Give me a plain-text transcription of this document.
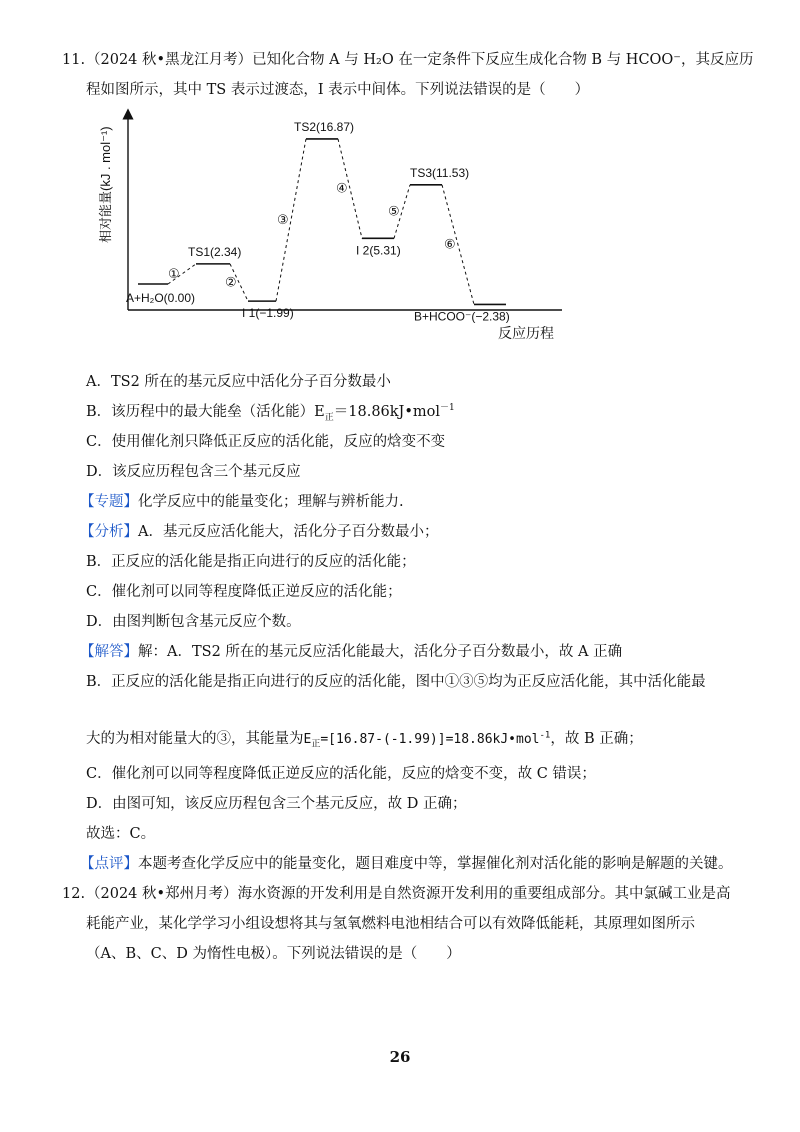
11. （2024 秋•黑龙江月考）已知化合物 A 与 H₂O 在一定条件下反应生成化合物 B 与 HCOO⁻，其反应历
程如图所示，其中 TS 表示过渡态，I 表示中间体。下列说法错误的是（　　）
相对能量(kJ . mol⁻¹)
反应历程
A+H₂O(0.00)
TS1(2.34)
I 1(−1.99)
TS2(16.87)
I 2(5.31)
TS3(11.53)
B+HCOO⁻(−2.38)
①
②
③
④
⑤
⑥
A．TS2 所在的基元反应中活化分子百分数最小
B．该历程中的最大能垒（活化能）$E_正=18.86kJ•mol^{-1}$
C．使用催化剂只降低正反应的活化能，反应的焓变不变
D．该反应历程包含三个基元反应
【专题】化学反应中的能量变化；理解与辨析能力.
【分析】A．基元反应活化能大，活化分子百分数最小；
B．正反应的活化能是指正向进行的反应的活化能；
C．催化剂可以同等程度降低正逆反应的活化能；
D．由图判断包含基元反应个数。
【解答】解：A．TS2 所在的基元反应活化能最大，活化分子百分数最小，故 A 正确
B．正反应的活化能是指正向进行的反应的活化能，图中①③⑤均为正反应活化能，其中活化能最
大的为相对能量大的③，其能量为$E_正=[16.87-(-1.99)]=18.86kJ•mol^{-1}$，故 B 正确；
C．催化剂可以同等程度降低正逆反应的活化能，反应的焓变不变，故 C 错误；
D．由图可知，该反应历程包含三个基元反应，故 D 正确；
故选：C。
【点评】本题考查化学反应中的能量变化，题目难度中等，掌握催化剂对活化能的影响是解题的关键。
12. （2024 秋•郑州月考）海水资源的开发利用是自然资源开发利用的重要组成部分。其中氯碱工业是高
耗能产业，某化学学习小组设想将其与氢氧燃料电池相结合可以有效降低能耗，其原理如图所示
（A、B、C、D 为惰性电极）。下列说法错误的是（　　）
26
